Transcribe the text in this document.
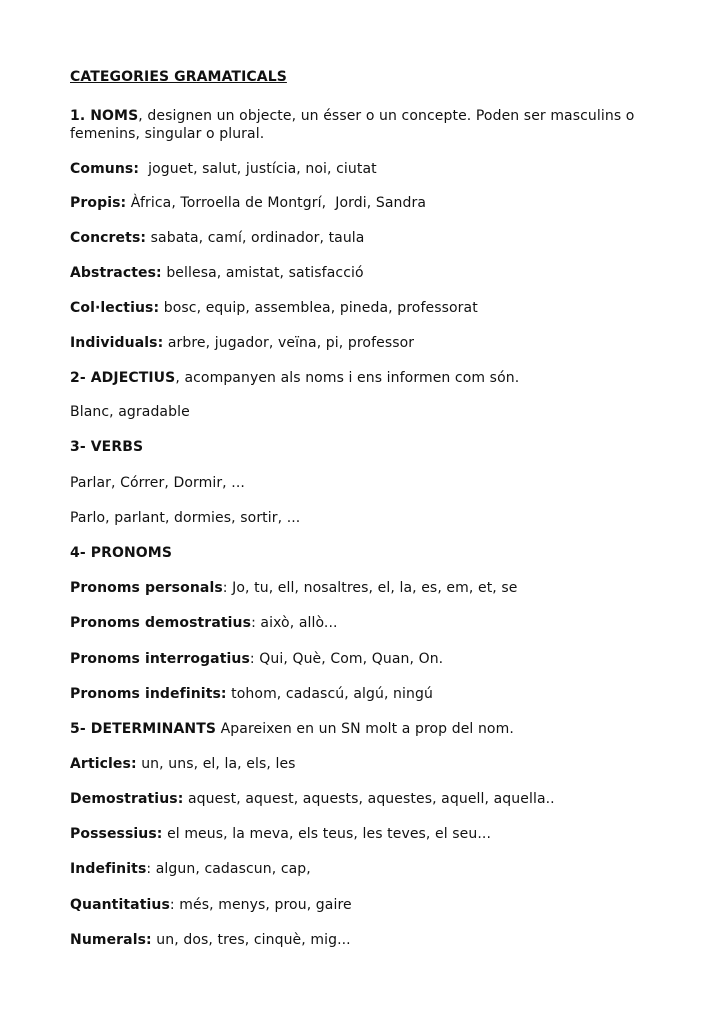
CATEGORIES GRAMATICALS
1. NOMS, designen un objecte, un ésser o un concepte. Poden ser masculins o femenins, singular o plural.
Comuns:  joguet, salut, justícia, noi, ciutat
Propis: Àfrica, Torroella de Montgrí,  Jordi, Sandra
Concrets: sabata, camí, ordinador, taula
Abstractes: bellesa, amistat, satisfacció
Col·lectius: bosc, equip, assemblea, pineda, professorat
Individuals: arbre, jugador, veïna, pi, professor
2- ADJECTIUS, acompanyen als noms i ens informen com són.
Blanc, agradable
3- VERBS
Parlar, Córrer, Dormir, ...
Parlo, parlant, dormies, sortir, ...
4- PRONOMS
Pronoms personals: Jo, tu, ell, nosaltres, el, la, es, em, et, se
Pronoms demostratius: això, allò...
Pronoms interrogatius: Qui, Què, Com, Quan, On.
Pronoms indefinits: tohom, cadascú, algú, ningú
5- DETERMINANTS Apareixen en un SN molt a prop del nom.
Articles: un, uns, el, la, els, les
Demostratius: aquest, aquest, aquests, aquestes, aquell, aquella..
Possessius: el meus, la meva, els teus, les teves, el seu...
Indefinits: algun, cadascun, cap,
Quantitatius: més, menys, prou, gaire
Numerals: un, dos, tres, cinquè, mig...
